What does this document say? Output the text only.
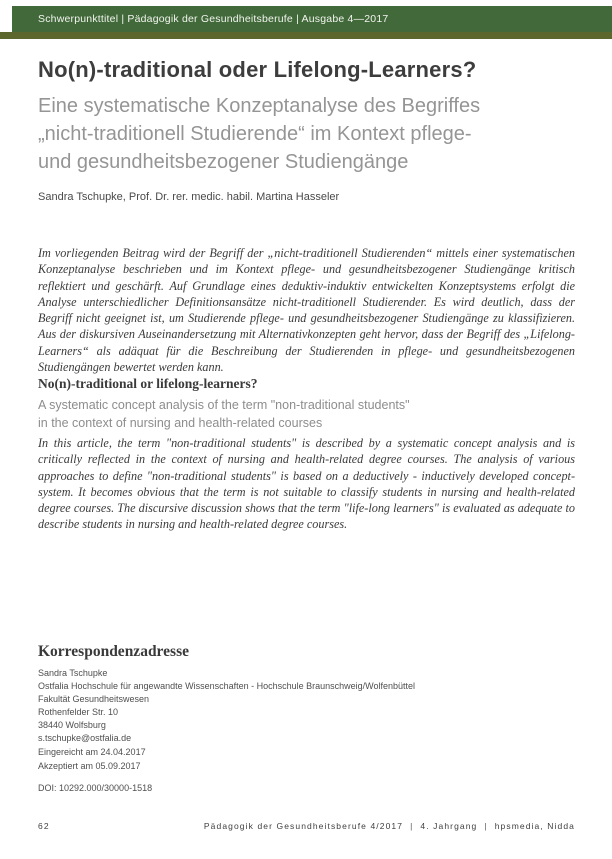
Schwerpunkttitel | Pädagogik der Gesundheitsberufe | Ausgabe 4—2017
No(n)-traditional oder Lifelong-Learners?
Eine systematische Konzeptanalyse des Begriffes
„nicht-traditionell Studierende“ im Kontext pflege-
und gesundheitsbezogener Studiengänge
Sandra Tschupke, Prof. Dr. rer. medic. habil. Martina Hasseler

Im vorliegenden Beitrag wird der Begriff der „nicht-traditionell Studierenden“ mittels einer systematischen Konzeptanalyse beschrieben und im Kontext pflege- und gesundheitsbezogener Studiengänge kritisch reflektiert und geschärft. Auf Grundlage eines deduktiv-induktiv entwickelten Konzeptsystems erfolgt die Analyse unterschiedlicher Definitionsansätze nicht-traditionell Studierender. Es wird deutlich, dass der Begriff nicht geeignet ist, um Studierende pflege- und gesundheitsbezogener Studiengänge zu klassifizieren. Aus der diskursiven Auseinandersetzung mit Alternativkonzepten geht hervor, dass der Begriff des „Lifelong-Learners“ als adäquat für die Beschreibung der Studierenden in pflege- und gesundheitsbezogenen Studiengängen bewertet werden kann.

No(n)-traditional or lifelong-learners?
A systematic concept analysis of the term "non-traditional students"
in the context of nursing and health-related courses

In this article, the term "non-traditional students" is described by a systematic concept analysis and is critically reflected in the context of nursing and health-related degree courses. The analysis of various approaches to define "non-traditional students" is based on a deductively - inductively developed concept-system. It becomes obvious that the term is not suitable to classify students in nursing and health-related degree courses. The discursive discussion shows that the term "life-long learners" is evaluated as adequate to describe students in nursing and health-related degree courses.

Korrespondenzadresse
Sandra Tschupke
Ostfalia Hochschule für angewandte Wissenschaften - Hochschule Braunschweig/Wolfenbüttel
Fakultät Gesundheitswesen
Rothenfelder Str. 10
38440 Wolfsburg
s.tschupke@ostfalia.de
Eingereicht am 24.04.2017
Akzeptiert am 05.09.2017
DOI: 10292.000/30000-1518
62	Pädagogik der Gesundheitsberufe 4/2017 | 4. Jahrgang | hpsmedia, Nidda
